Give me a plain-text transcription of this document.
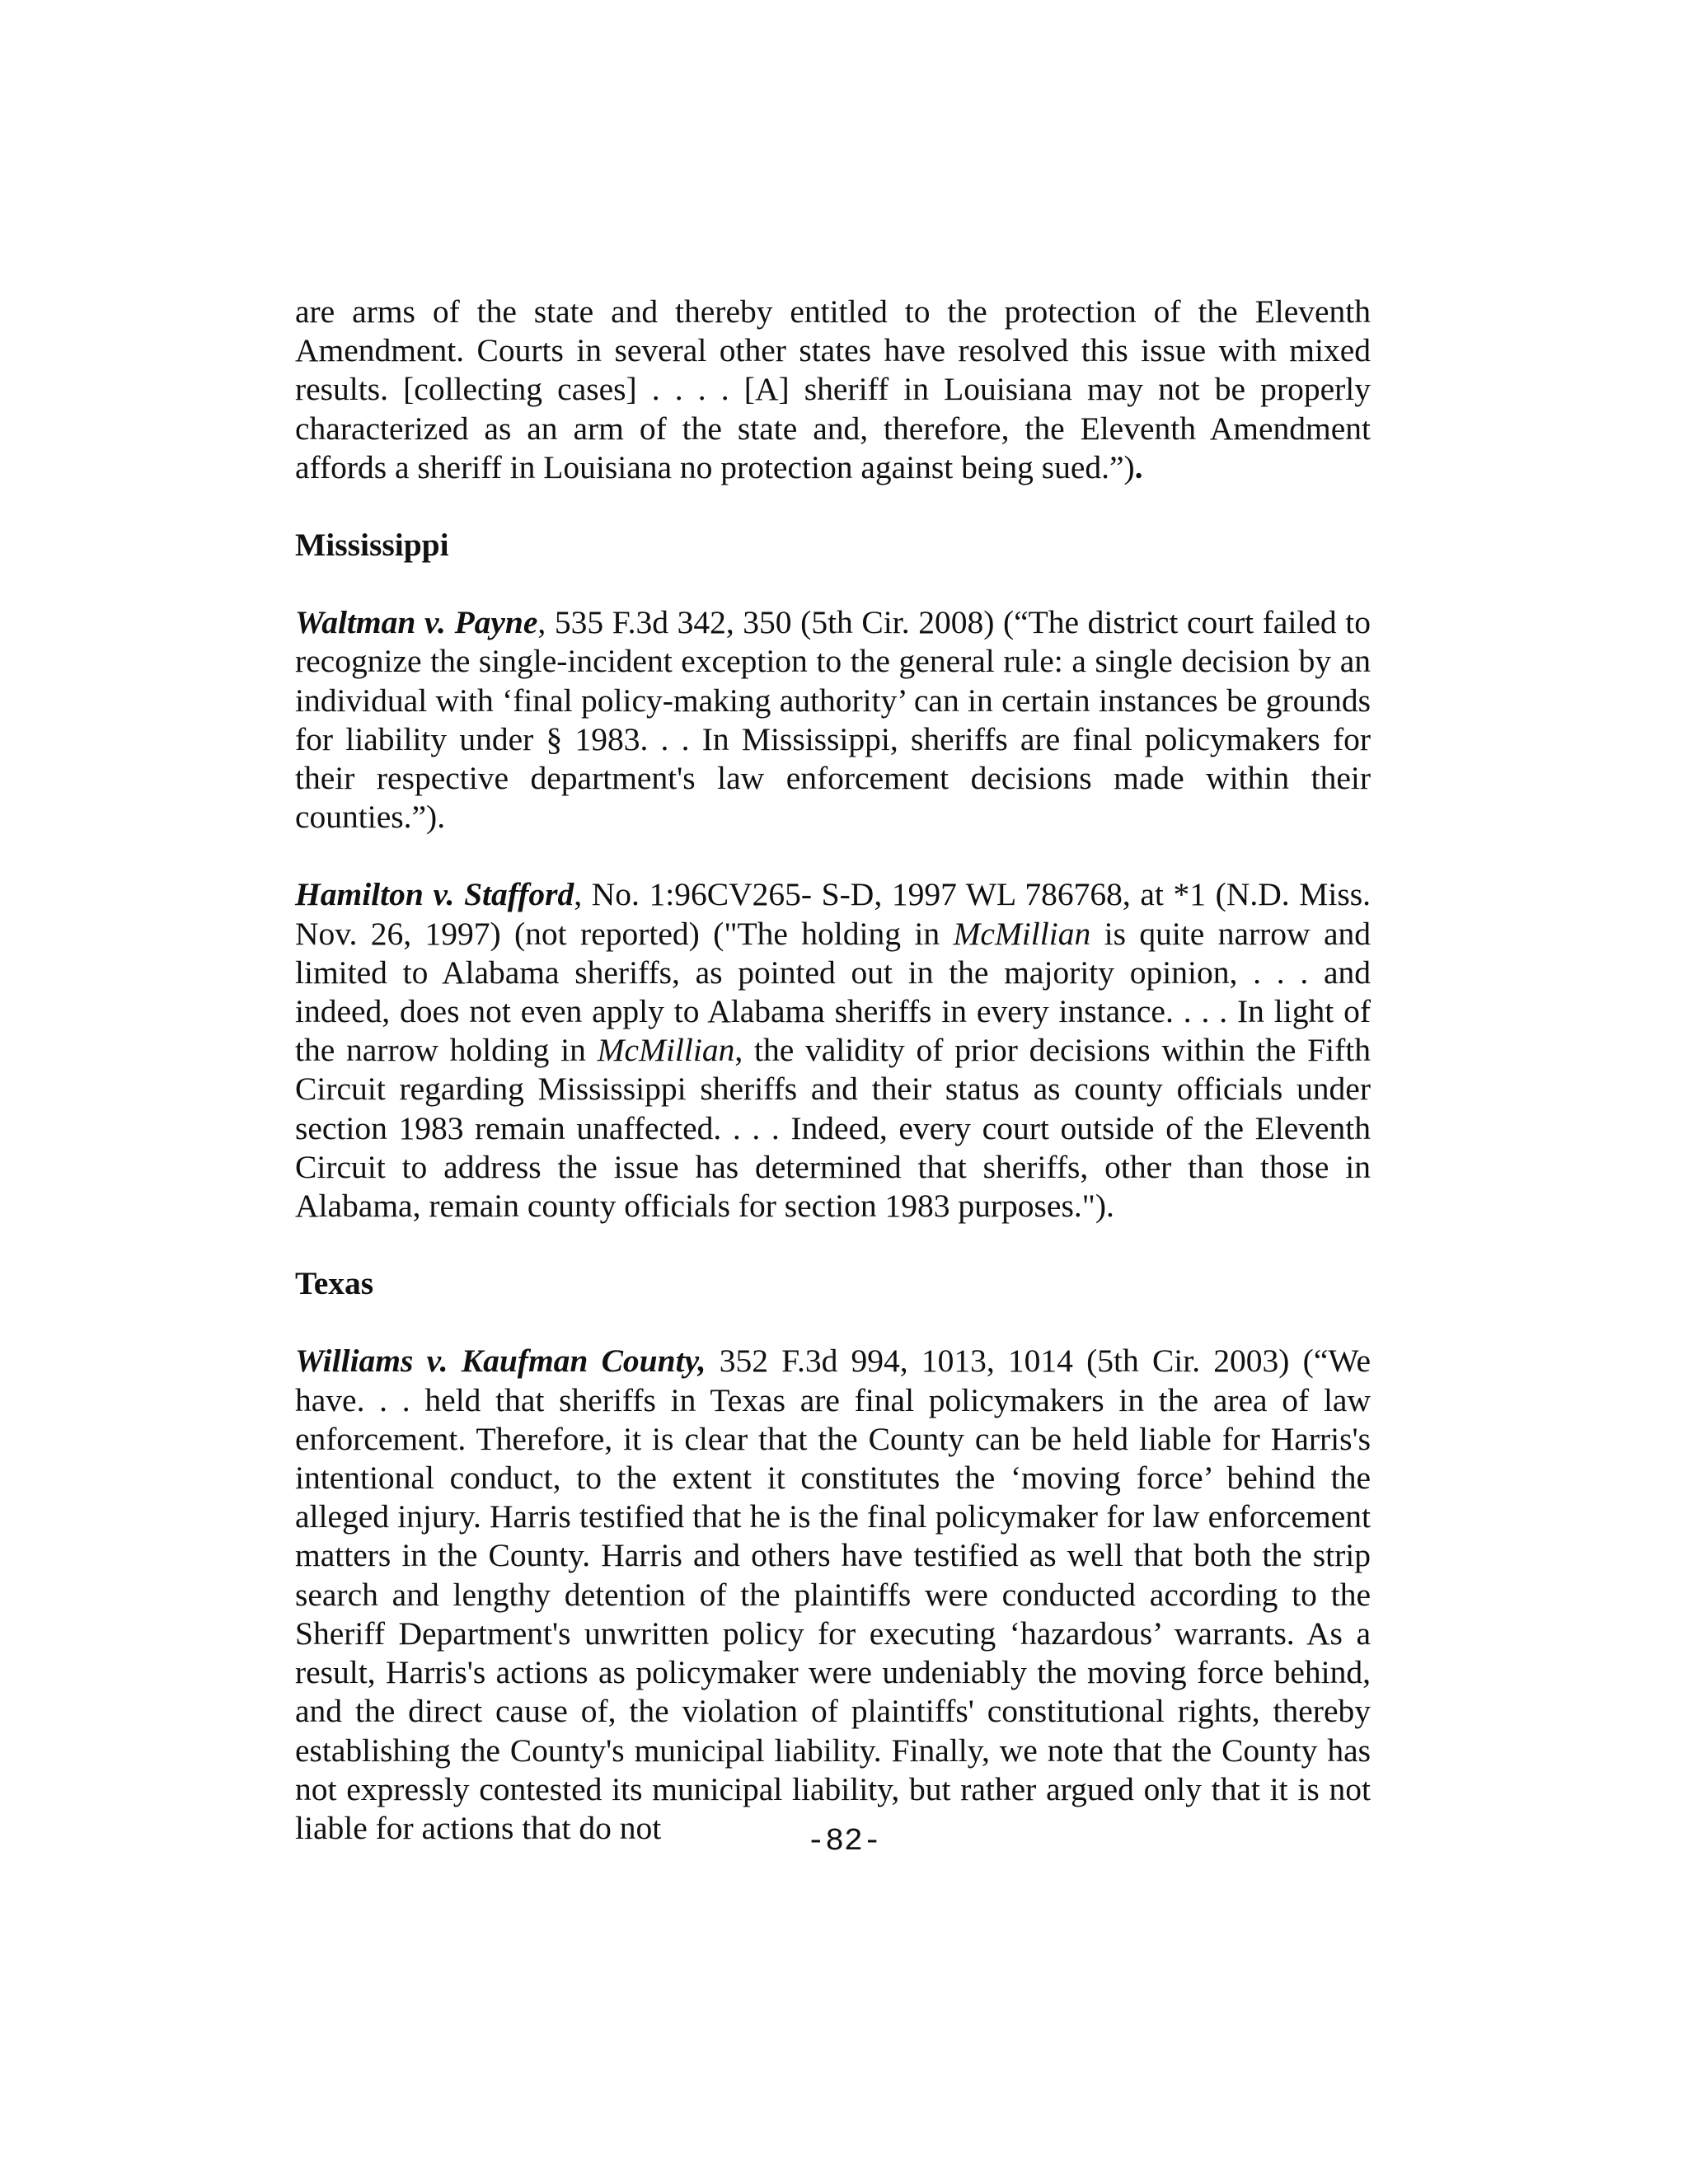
are arms of the state and thereby entitled to the protection of the Eleventh Amendment. Courts in several other states have resolved this issue with mixed results. [collecting cases] . . . . [A] sheriff in Louisiana may not be properly characterized as an arm of the state and, therefore, the Eleventh Amendment affords a sheriff in Louisiana no protection against being sued.”).

Mississippi

Waltman v. Payne, 535 F.3d 342, 350 (5th Cir. 2008) (“The district court failed to recognize the single-incident exception to the general rule: a single decision by an individual with ‘final policy-making authority’ can in certain instances be grounds for liability under § 1983. . . In Mississippi, sheriffs are final policymakers for their respective department's law enforcement decisions made within their counties.”).

Hamilton v. Stafford, No. 1:96CV265- S-D, 1997 WL 786768, at *1 (N.D. Miss. Nov. 26, 1997) (not reported) ("The holding in McMillian is quite narrow and limited to Alabama sheriffs, as pointed out in the majority opinion, . . . and indeed, does not even apply to Alabama sheriffs in every instance. . . . In light of the narrow holding in McMillian, the validity of prior decisions within the Fifth Circuit regarding Mississippi sheriffs and their status as county officials under section 1983 remain unaffected. . . . Indeed, every court outside of the Eleventh Circuit to address the issue has determined that sheriffs, other than those in Alabama, remain county officials for section 1983 purposes.").

Texas

Williams v. Kaufman County, 352 F.3d 994, 1013, 1014 (5th Cir. 2003) (“We have. . . held that sheriffs in Texas are final policymakers in the area of law enforcement. Therefore, it is clear that the County can be held liable for Harris's intentional conduct, to the extent it constitutes the ‘moving force’ behind the alleged injury. Harris testified that he is the final policymaker for law enforcement matters in the County. Harris and others have testified as well that both the strip search and lengthy detention of the plaintiffs were conducted according to the Sheriff Department's unwritten policy for executing ‘hazardous’ warrants. As a result, Harris's actions as policymaker were undeniably the moving force behind, and the direct cause of, the violation of plaintiffs' constitutional rights, thereby establishing the County's municipal liability. Finally, we note that the County has not expressly contested its municipal liability, but rather argued only that it is not liable for actions that do not	-82-
